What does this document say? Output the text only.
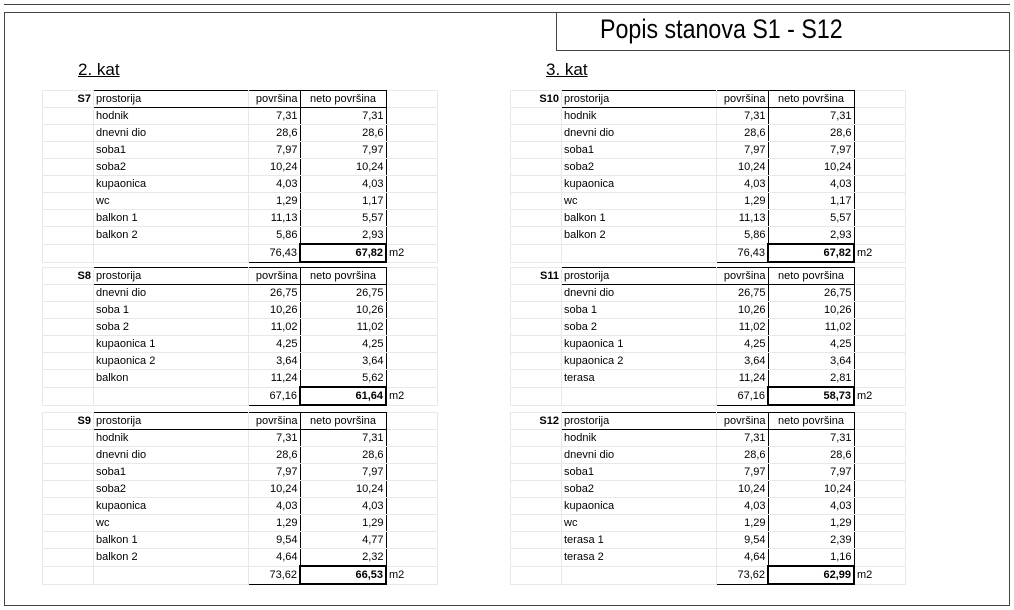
Popis stanova S1 - S12
2. kat	3. kat
S7	prostorija	površina	neto površina	
	hodnik	7,31	7,31	
	dnevni dio	28,6	28,6	
	soba1	7,97	7,97	
	soba2	10,24	10,24	
	kupaonica	4,03	4,03	
	wc	1,29	1,17	
	balkon 1	11,13	5,57	
	balkon 2	5,86	2,93	
		76,43	67,82	m2
S8	prostorija	površina	neto površina	
	dnevni dio	26,75	26,75	
	soba 1	10,26	10,26	
	soba 2	11,02	11,02	
	kupaonica 1	4,25	4,25	
	kupaonica 2	3,64	3,64	
	balkon	11,24	5,62	
		67,16	61,64	m2
S9	prostorija	površina	neto površina	
	hodnik	7,31	7,31	
	dnevni dio	28,6	28,6	
	soba1	7,97	7,97	
	soba2	10,24	10,24	
	kupaonica	4,03	4,03	
	wc	1,29	1,29	
	balkon 1	9,54	4,77	
	balkon 2	4,64	2,32	
		73,62	66,53	m2
S10	prostorija	površina	neto površina	
	hodnik	7,31	7,31	
	dnevni dio	28,6	28,6	
	soba1	7,97	7,97	
	soba2	10,24	10,24	
	kupaonica	4,03	4,03	
	wc	1,29	1,17	
	balkon 1	11,13	5,57	
	balkon 2	5,86	2,93	
		76,43	67,82	m2
S11	prostorija	površina	neto površina	
	dnevni dio	26,75	26,75	
	soba 1	10,26	10,26	
	soba 2	11,02	11,02	
	kupaonica 1	4,25	4,25	
	kupaonica 2	3,64	3,64	
	terasa	11,24	2,81	
		67,16	58,73	m2
S12	prostorija	površina	neto površina	
	hodnik	7,31	7,31	
	dnevni dio	28,6	28,6	
	soba1	7,97	7,97	
	soba2	10,24	10,24	
	kupaonica	4,03	4,03	
	wc	1,29	1,29	
	terasa 1	9,54	2,39	
	terasa 2	4,64	1,16	
		73,62	62,99	m2
